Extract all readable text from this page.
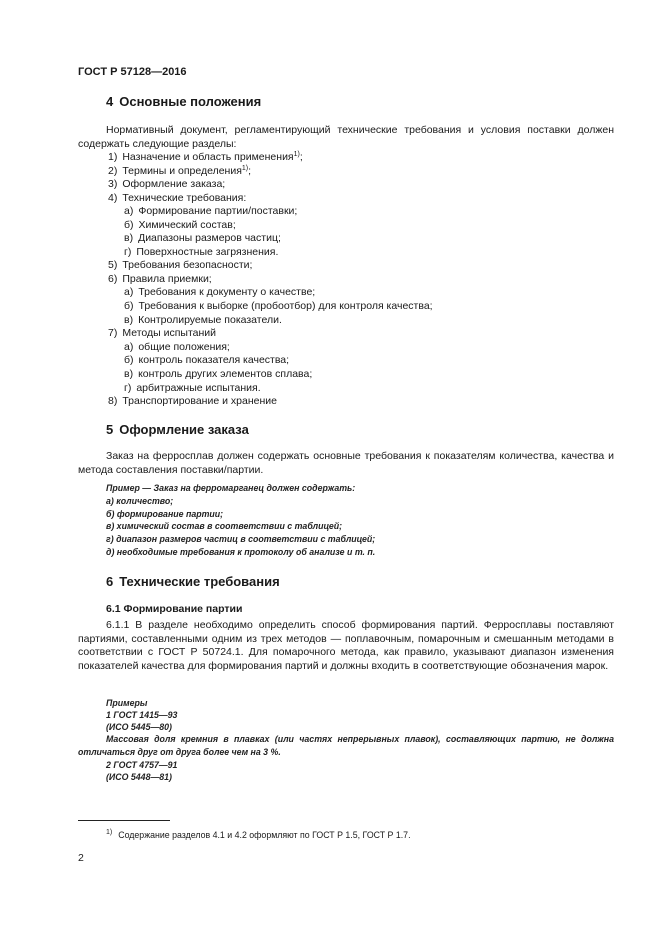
ГОСТ Р 57128—2016
4 Основные положения
Нормативный документ, регламентирующий технические требования и условия поставки должен содержать следующие разделы:
1) Назначение и область применения$^{1)}$;
2) Термины и определения$^{1)}$;
3) Оформление заказа;
4) Технические требования:
а) Формирование партии/поставки;
б) Химический состав;
в) Диапазоны размеров частиц;
г) Поверхностные загрязнения.
5) Требования безопасности;
6) Правила приемки;
а) Требования к документу о качестве;
б) Требования к выборке (пробоотбор) для контроля качества;
в) Контролируемые показатели.
7) Методы испытаний
а) общие положения;
б) контроль показателя качества;
в) контроль других элементов сплава;
г) арбитражные испытания.
8) Транспортирование и хранение
5 Оформление заказа
Заказ на ферросплав должен содержать основные требования к показателям количества, качества и метода составления поставки/партии.
Пример — Заказ на ферромарганец должен содержать:
а) количество;
б) формирование партии;
в) химический состав в соответствии с таблицей;
г) диапазон размеров частиц в соответствии с таблицей;
д) необходимые требования к протоколу об анализе и т. п.
6 Технические требования
6.1 Формирование партии
6.1.1 В разделе необходимо определить способ формирования партий. Ферросплавы поставляют партиями, составленными одним из трех методов — поплавочным, помарочным и смешанным методами в соответствии с ГОСТ Р 50724.1. Для помарочного метода, как правило, указывают диапазон изменения показателей качества для формирования партий и должны входить в соответствующие обозначения марок.
Примеры
1 ГОСТ 1415—93
(ИСО 5445—80)
Массовая доля кремния в плавках (или частях непрерывных плавок), составляющих партию, не должна отличаться друг от друга более чем на 3 %.
2 ГОСТ 4757—91
(ИСО 5448—81)
$^{1)}$ Содержание разделов 4.1 и 4.2 оформляют по ГОСТ Р 1.5, ГОСТ Р 1.7.
2
